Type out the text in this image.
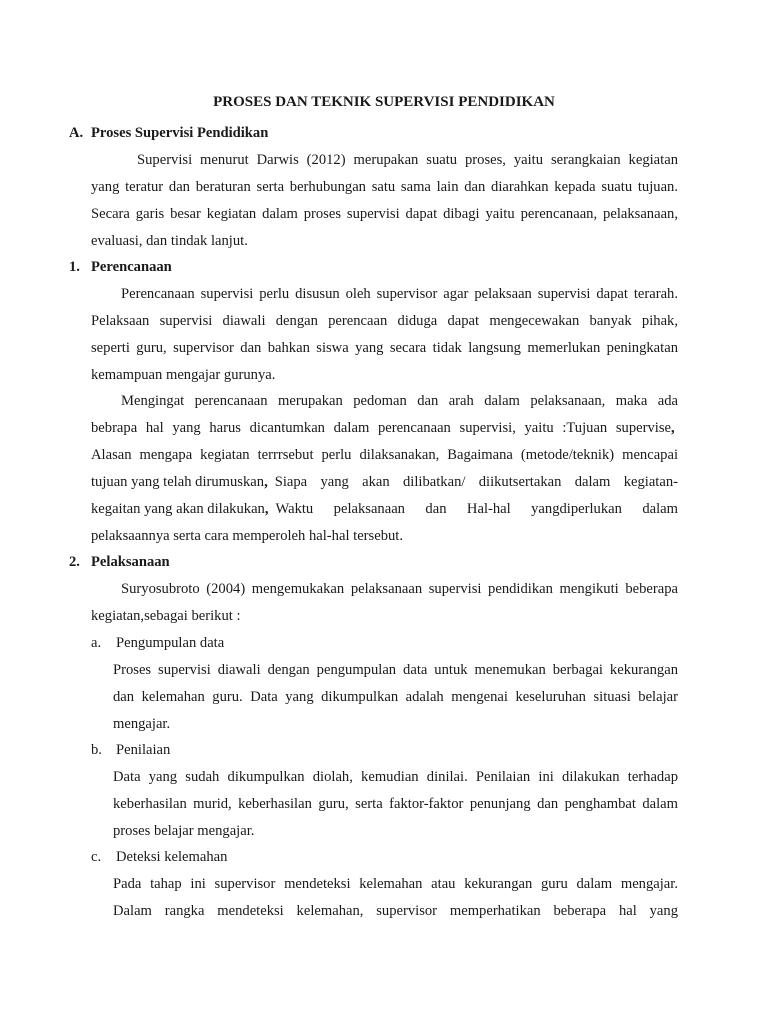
PROSES DAN TEKNIK SUPERVISI PENDIDIKAN
A. Proses Supervisi Pendidikan
Supervisi menurut Darwis (2012) merupakan suatu proses, yaitu serangkaian kegiatan
yang teratur dan beraturan serta berhubungan satu sama lain dan diarahkan kepada suatu tujuan.
Secara garis besar kegiatan dalam proses supervisi dapat dibagi yaitu perencanaan, pelaksanaan,
evaluasi, dan tindak lanjut.
1. Perencanaan
Perencanaan supervisi perlu disusun oleh supervisor agar pelaksaan supervisi dapat terarah.
Pelaksaan supervisi diawali dengan perencaan diduga dapat mengecewakan banyak pihak,
seperti guru, supervisor dan bahkan siswa yang secara tidak langsung memerlukan peningkatan
kemampuan mengajar gurunya.
Mengingat perencanaan merupakan pedoman dan arah dalam pelaksanaan, maka ada
bebrapa hal yang harus dicantumkan dalam perencanaan supervisi, yaitu :Tujuan supervise ,
Alasan mengapa kegiatan terrrsebut perlu dilaksanakan, Bagaimana (metode/teknik) mencapai
tujuan yang telah dirumuskan , Siapa yang akan dilibatkan/ diikutsertakan dalam kegiatan-
kegaitan yang akan dilakukan , Waktu pelaksanaan dan Hal-hal yangdiperlukan dalam
pelaksaannya serta cara memperoleh hal-hal tersebut.
2. Pelaksanaan
Suryosubroto (2004) mengemukakan pelaksanaan supervisi pendidikan mengikuti beberapa
kegiatan,sebagai berikut :
a. Pengumpulan data
Proses supervisi diawali dengan pengumpulan data untuk menemukan berbagai kekurangan
dan kelemahan guru. Data yang dikumpulkan adalah mengenai keseluruhan situasi belajar
mengajar.
b. Penilaian
Data yang sudah dikumpulkan diolah, kemudian dinilai. Penilaian ini dilakukan terhadap
keberhasilan murid, keberhasilan guru, serta faktor-faktor penunjang dan penghambat dalam
proses belajar mengajar.
c. Deteksi kelemahan
Pada tahap ini supervisor mendeteksi kelemahan atau kekurangan guru dalam mengajar.
Dalam rangka mendeteksi kelemahan, supervisor memperhatikan beberapa hal yang
